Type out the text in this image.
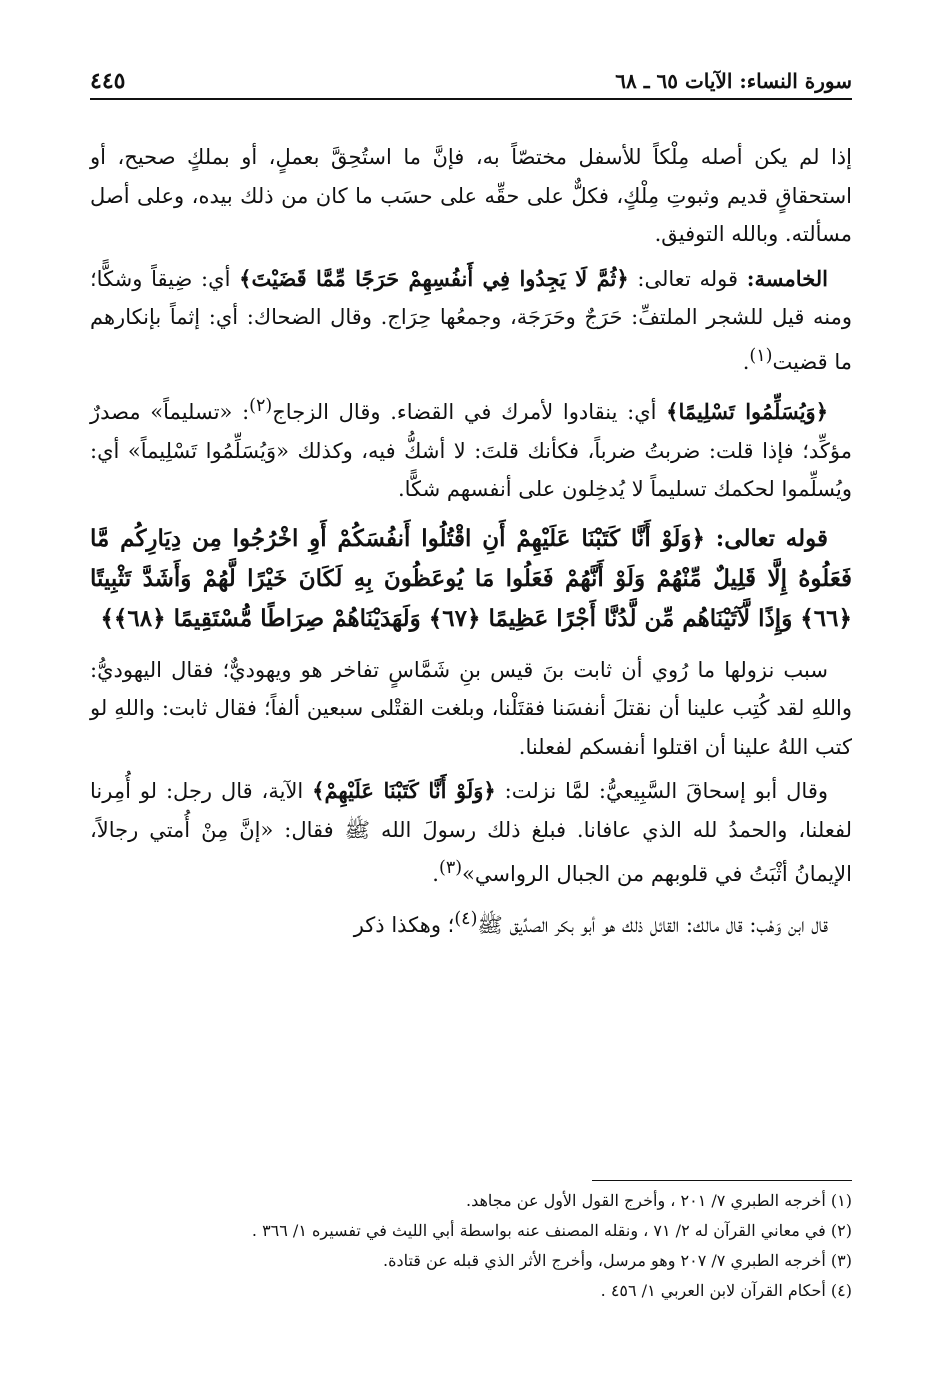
سورة النساء: الآيات ٦٥ ـ ٦٨
٤٤٥

إذا لم يكن أصله مِلْكاً للأسفل مختصّاً به، فإنَّ ما استُحِقَّ بعملٍ، أو بملكٍ صحيح، أو استحقاقٍ قديم وثبوتِ مِلْكٍ، فكلٌّ على حقِّه على حسَب ما كان من ذلك بيده، وعلى أصل مسألته. وبالله التوفيق.

الخامسة: قوله تعالى: ﴿ثُمَّ لَا يَجِدُوا فِي أَنفُسِهِمْ حَرَجًا مِّمَّا قَضَيْتَ﴾ أي: ضِيقاً وشكًّا؛ ومنه قيل للشجر الملتفِّ: حَرَجٌ وحَرَجَة، وجمعُها حِرَاج. وقال الضحاك: أي: إثماً بإنكارهم ما قضيت$^{(١)}$.

﴿وَيُسَلِّمُوا تَسْلِيمًا﴾ أي: ينقادوا لأمرك في القضاء. وقال الزجاج$^{(٢)}$: «تسليماً» مصدرٌ مؤكِّد؛ فإذا قلت: ضربتُ ضرباً، فكأنك قلتَ: لا أشكُّ فيه، وكذلك «وَيُسَلِّمُوا تَسْلِيماً» أي: ويُسلِّموا لحكمك تسليماً لا يُدخِلون على أنفسهم شكًّا.

قوله تعالى: ﴿وَلَوْ أَنَّا كَتَبْنَا عَلَيْهِمْ أَنِ اقْتُلُوا أَنفُسَكُمْ أَوِ اخْرُجُوا مِن دِيَارِكُم مَّا فَعَلُوهُ إِلَّا قَلِيلٌ مِّنْهُمْ وَلَوْ أَنَّهُمْ فَعَلُوا مَا يُوعَظُونَ بِهِ لَكَانَ خَيْرًا لَّهُمْ وَأَشَدَّ تَثْبِيتًا ﴿٦٦﴾ وَإِذًا لَّآتَيْنَاهُم مِّن لَّدُنَّا أَجْرًا عَظِيمًا ﴿٦٧﴾ وَلَهَدَيْنَاهُمْ صِرَاطًا مُّسْتَقِيمًا ﴿٦٨﴾﴾

سبب نزولها ما رُوي أن ثابت بنَ قيس بنِ شَمَّاسٍ تفاخر هو ويهوديٌّ؛ فقال اليهوديُّ: واللهِ لقد كُتِب علينا أن نقتلَ أنفسَنا فقتَلْنا، وبلغت القتْلى سبعين ألفاً؛ فقال ثابت: واللهِ لو كتب اللهُ علينا أن اقتلوا أنفسكم لفعلنا.

وقال أبو إسحاقَ السَّبِيعيُّ: لمَّا نزلت: ﴿وَلَوْ أَنَّا كَتَبْنَا عَلَيْهِمْ﴾ الآية، قال رجل: لو أُمِرنا لفعلنا، والحمدُ لله الذي عافانا. فبلغ ذلك رسولَ الله ﷺ فقال: «إنَّ مِنْ أُمتي رجالاً، الإيمانُ أثْبَتُ في قلوبهم من الجبال الرواسي»$^{(٣)}$.

قال ابن وَهْب: قال مالك: القائل ذلك هو أبو بكر الصدِّيق ﷺ$^{(٤)}$؛ وهكذا ذكر

(١) أخرجه الطبري ٧/ ٢٠١ ، وأخرج القول الأول عن مجاهد.
(٢) في معاني القرآن له ٢/ ٧١ ، ونقله المصنف عنه بواسطة أبي الليث في تفسيره ١/ ٣٦٦ .
(٣) أخرجه الطبري ٧/ ٢٠٧ وهو مرسل، وأخرج الأثر الذي قبله عن قتادة.
(٤) أحكام القرآن لابن العربي ١/ ٤٥٦ .
